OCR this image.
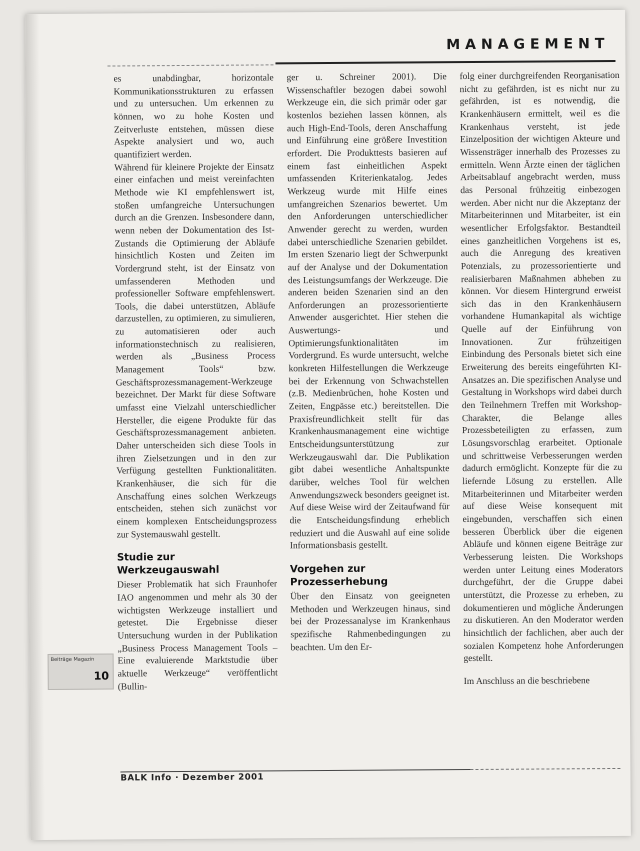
MANAGEMENT

es unabdingbar, horizontale Kommunikationsstrukturen zu erfassen und zu untersuchen. Um erkennen zu können, wo zu hohe Kosten und Zeitverluste entstehen, müssen diese Aspekte analysiert und wo, auch quantifiziert werden.

Während für kleinere Projekte der Einsatz einer einfachen und meist vereinfachten Methode wie KI empfehlenswert ist, stoßen umfangreiche Untersuchungen durch an die Grenzen. Insbesondere dann, wenn neben der Dokumentation des Ist-Zustands die Optimierung der Abläufe hinsichtlich Kosten und Zeiten im Vordergrund steht, ist der Einsatz von umfassenderen Methoden und professioneller Software empfehlenswert. Tools, die dabei unterstützen, Abläufe darzustellen, zu optimieren, zu simulieren, zu automatisieren oder auch informationstechnisch zu realisieren, werden als „Business Process Management Tools“ bzw. Geschäftsprozessmanagement-Werkzeuge bezeichnet. Der Markt für diese Software umfasst eine Vielzahl unterschiedlicher Hersteller, die eigene Produkte für das Geschäftsprozessmanagement anbieten. Daher unterscheiden sich diese Tools in ihren Zielsetzungen und in den zur Verfügung gestellten Funktionalitäten. Krankenhäuser, die sich für die Anschaffung eines solchen Werkzeugs entscheiden, stehen sich zunächst vor einem komplexen Entscheidungsprozess zur Systemauswahl gestellt.

Studie zur Werkzeugauswahl

Dieser Problematik hat sich Fraunhofer IAO angenommen und mehr als 30 der wichtigsten Werkzeuge installiert und getestet. Die Ergebnisse dieser Untersuchung wurden in der Publikation „Business Process Management Tools – Eine evaluierende Marktstudie über aktuelle Werkzeuge“ veröffentlicht (Bullin-

ger u. Schreiner 2001). Die Wissenschaftler bezogen dabei sowohl Werkzeuge ein, die sich primär oder gar kostenlos beziehen lassen können, als auch High-End-Tools, deren Anschaffung und Einführung eine größere Investition erfordert. Die Produkttests basieren auf einem fast einheitlichen Aspekt umfassenden Kriterienkatalog. Jedes Werkzeug wurde mit Hilfe eines umfangreichen Szenarios bewertet. Um den Anforderungen unterschiedlicher Anwender gerecht zu werden, wurden dabei unterschiedliche Szenarien gebildet. Im ersten Szenario liegt der Schwerpunkt auf der Analyse und der Dokumentation des Leistungsumfangs der Werkzeuge. Die anderen beiden Szenarien sind an den Anforderungen an prozessorientierte Anwender ausgerichtet. Hier stehen die Auswertungs- und Optimierungsfunktionalitäten im Vordergrund. Es wurde untersucht, welche konkreten Hilfestellungen die Werkzeuge bei der Erkennung von Schwachstellen (z.B. Medienbrüchen, hohe Kosten und Zeiten, Engpässe etc.) bereitstellen. Die Praxisfreundlichkeit stellt für das Krankenhausmanagement eine wichtige Entscheidungsunterstützung zur Werkzeugauswahl dar. Die Publikation gibt dabei wesentliche Anhaltspunkte darüber, welches Tool für welchen Anwendungszweck besonders geeignet ist. Auf diese Weise wird der Zeitaufwand für die Entscheidungsfindung erheblich reduziert und die Auswahl auf eine solide Informationsbasis gestellt.

Vorgehen zur Prozesserhebung

Über den Einsatz von geeigneten Methoden und Werkzeugen hinaus, sind bei der Prozessanalyse im Krankenhaus spezifische Rahmenbedingungen zu beachten. Um den Er-

folg einer durchgreifenden Reorganisation nicht zu gefährden, ist es nicht nur zu gefährden, ist es notwendig, die Krankenhäusern ermittelt, weil es die Krankenhaus versteht, ist jede Einzelposition der wichtigen Akteure und Wissensträger innerhalb des Prozesses zu ermitteln. Wenn Ärzte einen der täglichen Arbeitsablauf angebracht werden, muss das Personal frühzeitig einbezogen werden. Aber nicht nur die Akzeptanz der Mitarbeiterinnen und Mitarbeiter, ist ein wesentlicher Erfolgsfaktor. Bestandteil eines ganzheitlichen Vorgehens ist es, auch die Anregung des kreativen Potenzials, zu prozessorientierte und realisierbaren Maßnahmen abheben zu können. Vor diesem Hintergrund erweist sich das in den Krankenhäusern vorhandene Humankapital als wichtige Quelle auf der Einführung von Innovationen. Zur frühzeitigen Einbindung des Personals bietet sich eine Erweiterung des bereits eingeführten KI-Ansatzes an. Die spezifischen Analyse und Gestaltung in Workshops wird dabei durch den Teilnehmern Treffen mit Workshop-Charakter, die Belange alles Prozessbeteiligten zu erfassen, zum Lösungsvorschlag erarbeitet. Optionale und schrittweise Verbesserungen werden dadurch ermöglicht. Konzepte für die zu liefernde Lösung zu erstellen. Alle Mitarbeiterinnen und Mitarbeiter werden auf diese Weise konsequent mit eingebunden, verschaffen sich einen besseren Überblick über die eigenen Abläufe und können eigene Beiträge zur Verbesserung leisten. Die Workshops werden unter Leitung eines Moderators durchgeführt, der die Gruppe dabei unterstützt, die Prozesse zu erheben, zu dokumentieren und mögliche Änderungen zu diskutieren. An den Moderator werden hinsichtlich der fachlichen, aber auch der sozialen Kompetenz hohe Anforderungen gestellt.

Im Anschluss an die beschriebene

Beiträge Magazin
10
BALK Info · Dezember 2001
